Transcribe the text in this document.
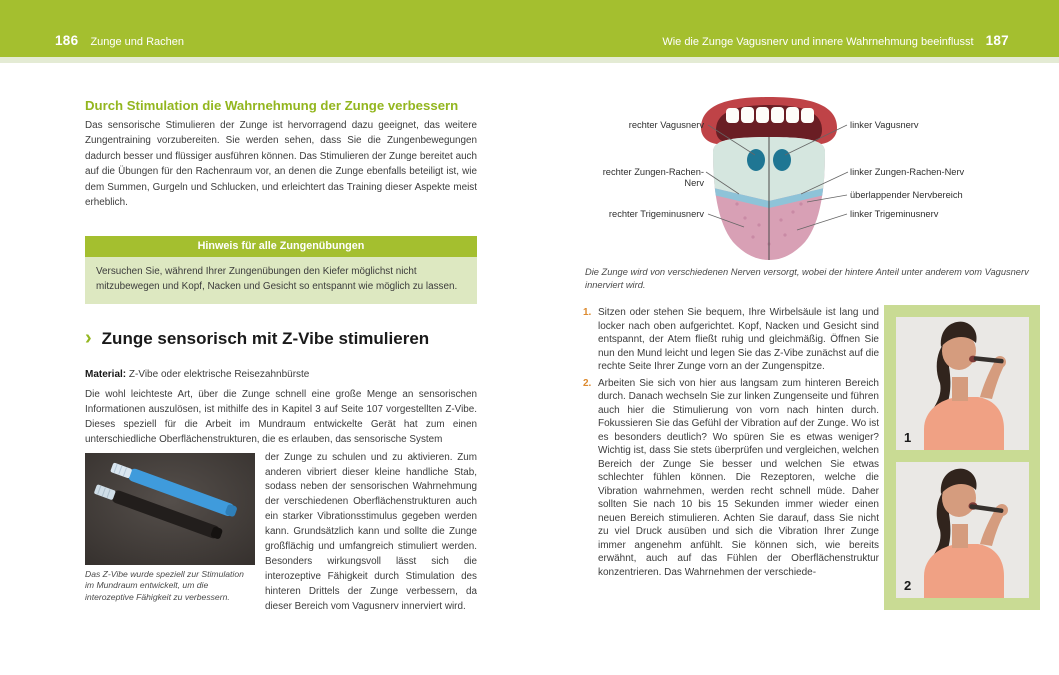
186 Zunge und Rachen	Wie die Zunge Vagusnerv und innere Wahrnehmung beeinflusst 187
Durch Stimulation die Wahrnehmung der Zunge verbessern

Das sensorische Stimulieren der Zunge ist hervorragend dazu geeignet, das weitere Zungentraining vorzubereiten. Sie werden sehen, dass Sie die Zungenbewegungen dadurch besser und flüssiger ausführen können. Das Stimulieren der Zunge bereitet auch auf die Übungen für den Rachenraum vor, an denen die Zunge ebenfalls beteiligt ist, wie dem Summen, Gurgeln und Schlucken, und erleichtert das Training dieser Aspekte meist erheblich.

Hinweis für alle Zungenübungen
Versuchen Sie, während Ihrer Zungenübungen den Kiefer möglichst nicht mitzubewegen und Kopf, Nacken und Gesicht so entspannt wie möglich zu lassen.
› Zunge sensorisch mit Z-Vibe stimulieren
Material: Z-Vibe oder elektrische Reisezahnbürste

Die wohl leichteste Art, über die Zunge schnell eine große Menge an sensorischen Informationen auszulösen, ist mithilfe des in Kapitel 3 auf Seite 107 vorgestellten Z-Vibe. Dieses speziell für die Arbeit im Mundraum entwickelte Gerät hat zum einen unterschiedliche Oberflächenstrukturen, die es erlauben, das sensorische System

Das Z-Vibe wurde speziell zur Stimulation im Mundraum entwickelt, um die interozeptive Fähigkeit zu verbessern.

der Zunge zu schulen und zu aktivieren. Zum anderen vibriert dieser kleine handliche Stab, sodass neben der sensorischen Wahrnehmung der verschiedenen Oberflächenstrukturen auch ein starker Vibrationsstimulus gegeben werden kann. Grundsätzlich kann und sollte die Zunge großflächig und umfangreich stimuliert werden. Besonders wirkungsvoll lässt sich die interozeptive Fähigkeit durch Stimulation des hinteren Drittels der Zunge verbessern, da dieser Bereich vom Vagusnerv innerviert wird.

rechter Vagusnerv
rechter Zungen-Rachen-Nerv
rechter Trigeminusnerv
linker Vagusnerv
linker Zungen-Rachen-Nerv
überlappender Nervbereich
linker Trigeminusnerv
Die Zunge wird von verschiedenen Nerven versorgt, wobei der hintere Anteil unter anderem vom Vagusnerv innerviert wird.
1. Sitzen oder stehen Sie bequem, Ihre Wirbelsäule ist lang und locker nach oben aufgerichtet. Kopf, Nacken und Gesicht sind entspannt, der Atem fließt ruhig und gleichmäßig. Öffnen Sie nun den Mund leicht und legen Sie das Z-Vibe zunächst auf die rechte Seite Ihrer Zunge vorn an der Zungenspitze.
2. Arbeiten Sie sich von hier aus langsam zum hinteren Bereich durch. Danach wechseln Sie zur linken Zungenseite und führen auch hier die Stimulierung von vorn nach hinten durch. Fokussieren Sie das Gefühl der Vibration auf der Zunge. Wo ist es besonders deutlich? Wo spüren Sie es etwas weniger? Wichtig ist, dass Sie stets überprüfen und vergleichen, welchen Bereich der Zunge Sie besser und welchen Sie etwas schlechter fühlen können. Die Rezeptoren, welche die Vibration wahrnehmen, werden recht schnell müde. Daher sollten Sie nach 10 bis 15 Sekunden immer wieder einen neuen Bereich stimulieren. Achten Sie darauf, dass Sie nicht zu viel Druck ausüben und sich die Vibration Ihrer Zunge immer angenehm anfühlt. Sie können sich, wie bereits erwähnt, auch auf das Fühlen der Oberflächenstruktur konzentrieren. Das Wahrnehmen der verschiede-
1
2
